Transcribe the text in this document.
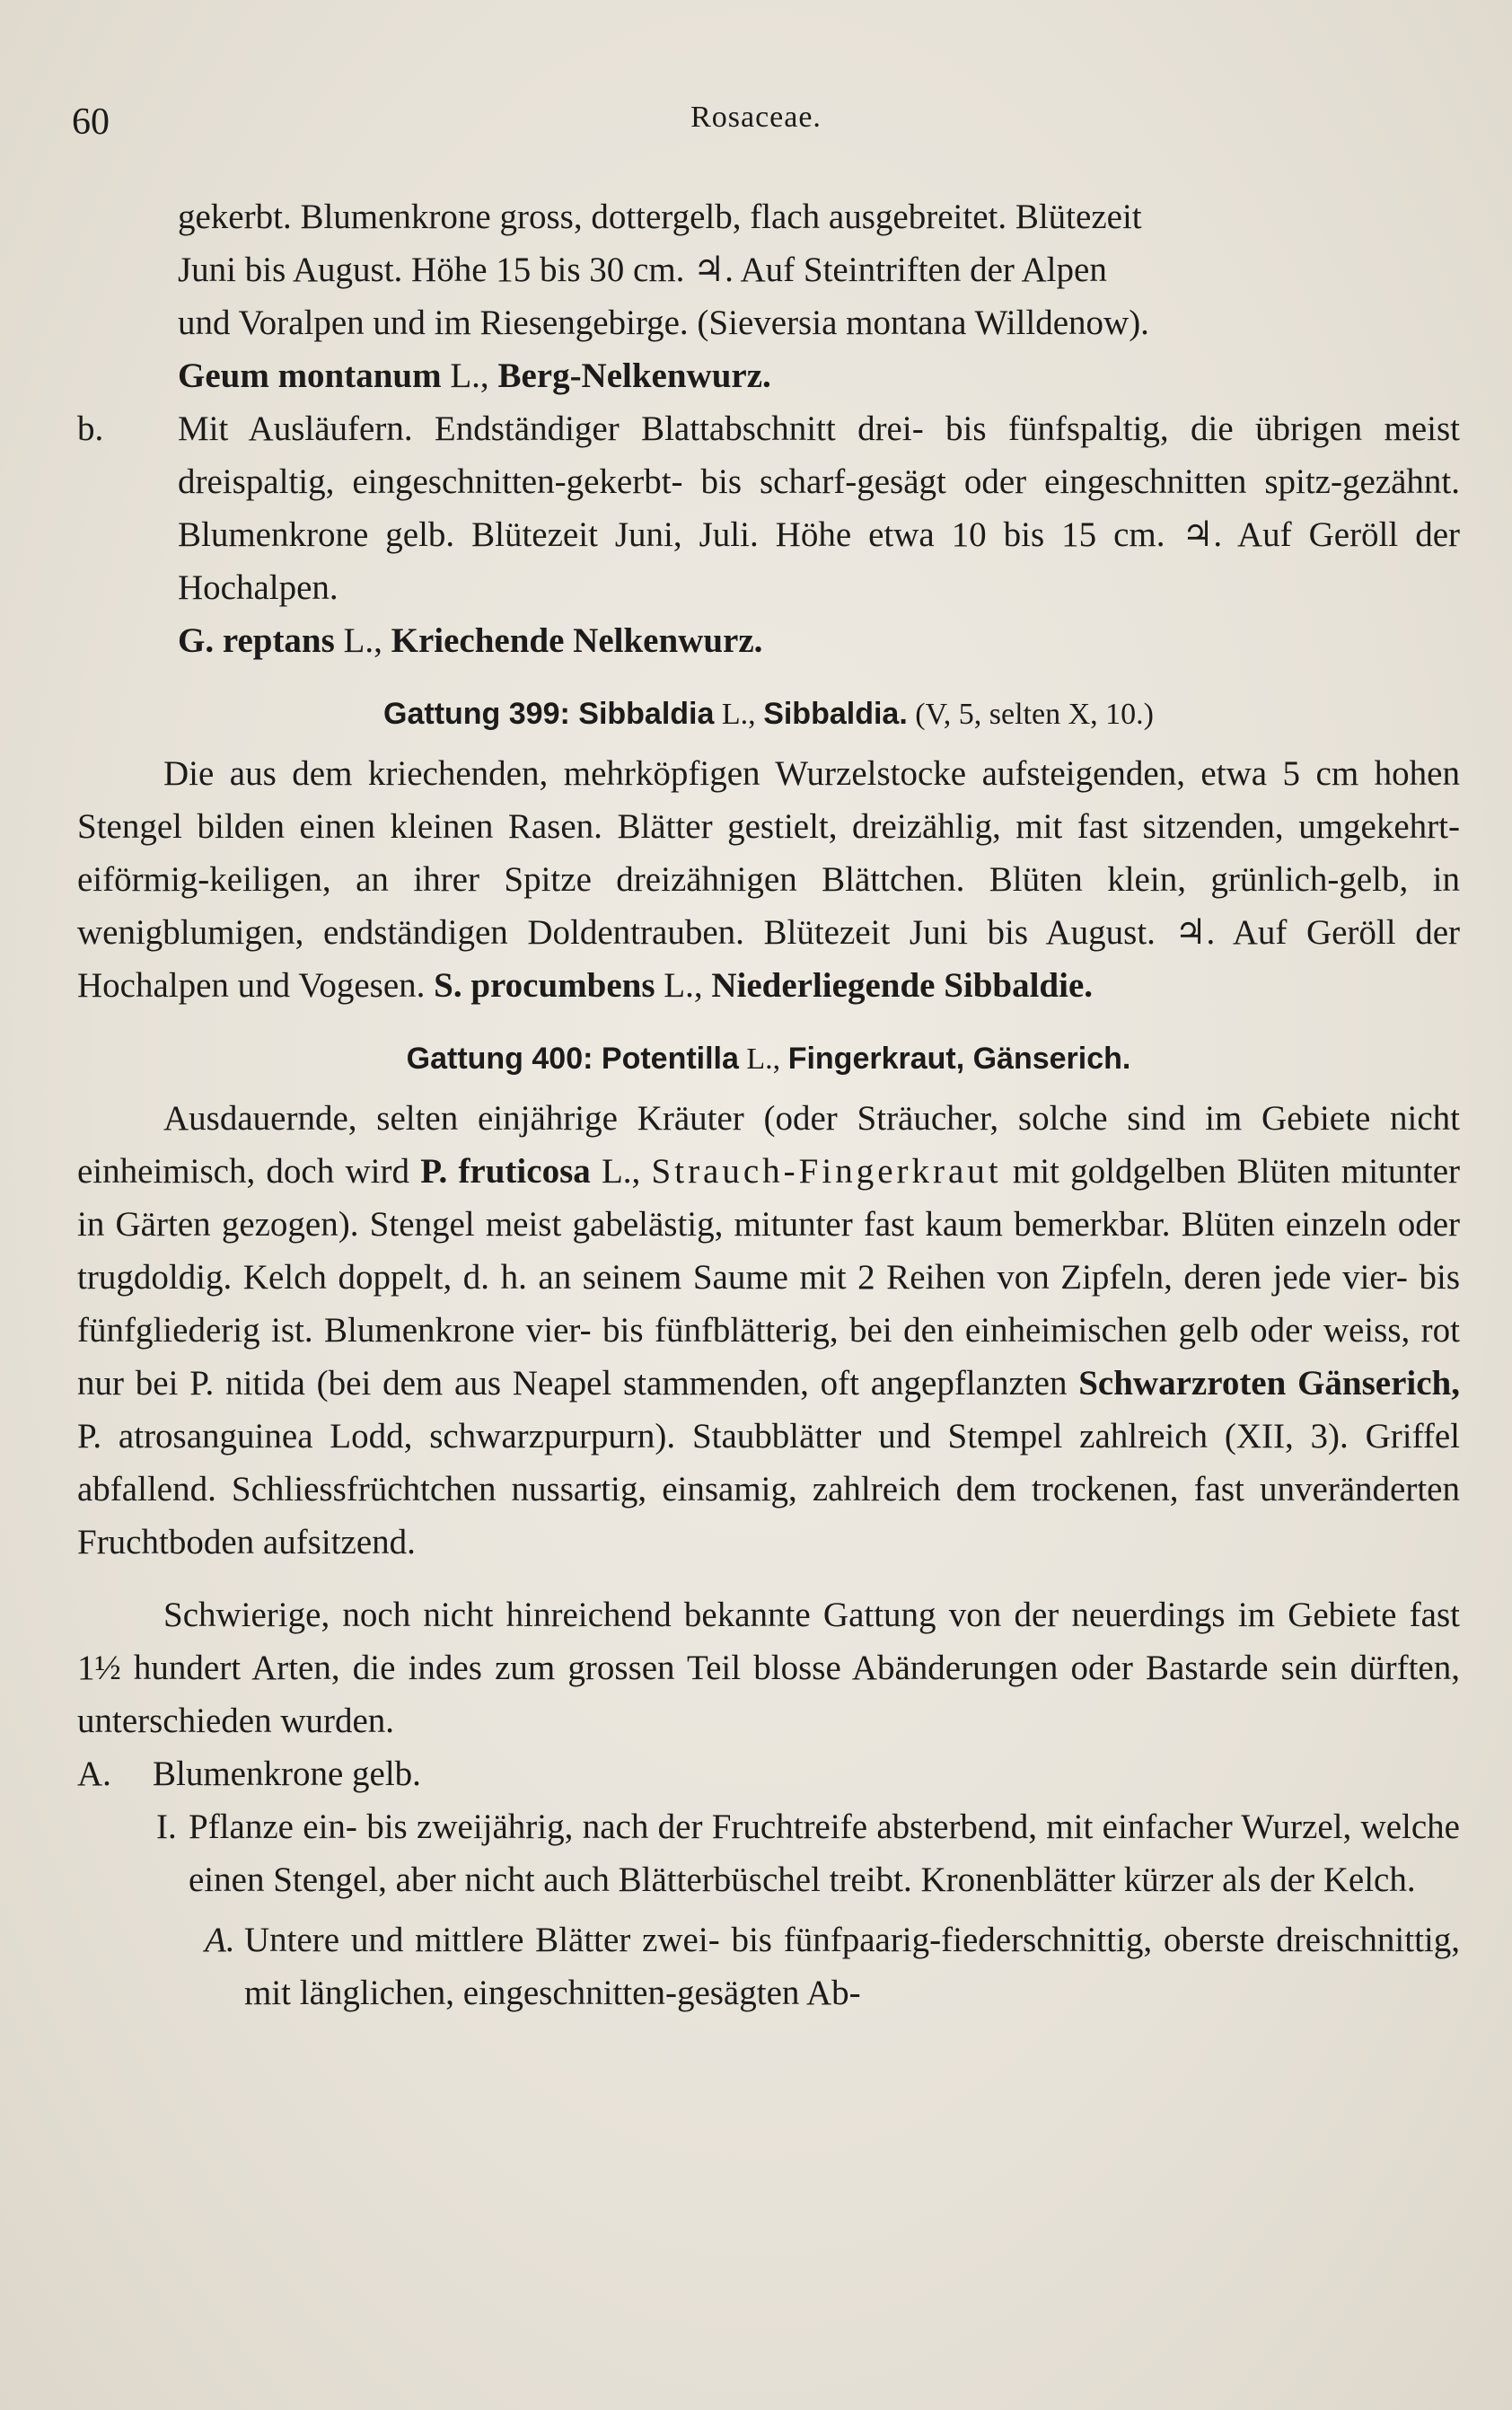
60	Rosaceae.

gekerbt. Blumenkrone gross, dottergelb, flach ausgebreitet. Blütezeit

Juni bis August. Höhe 15 bis 30 cm. ♃. Auf Steintriften der Alpen

und Voralpen und im Riesengebirge. (Sieversia montana Willdenow).

Geum montanum L., Berg-Nelkenwurz.

b. Mit Ausläufern. Endständiger Blattabschnitt drei- bis fünfspaltig, die übrigen meist dreispaltig, eingeschnitten-gekerbt- bis scharf-gesägt oder eingeschnitten spitz-gezähnt. Blumenkrone gelb. Blütezeit Juni, Juli. Höhe etwa 10 bis 15 cm. ♃. Auf Geröll der Hochalpen.

G. reptans L., Kriechende Nelkenwurz.

Gattung 399: Sibbaldia L., Sibbaldia. (V, 5, selten X, 10.)

Die aus dem kriechenden, mehrköpfigen Wurzelstocke aufsteigenden, etwa 5 cm hohen Stengel bilden einen kleinen Rasen. Blätter gestielt, dreizählig, mit fast sitzenden, umgekehrt-eiförmig-keiligen, an ihrer Spitze dreizähnigen Blättchen. Blüten klein, grünlich-gelb, in wenigblumigen, endständigen Doldentrauben. Blütezeit Juni bis August. ♃. Auf Geröll der Hochalpen und Vogesen. S. procumbens L., Niederliegende Sibbaldie.

Gattung 400: Potentilla L., Fingerkraut, Gänserich.

Ausdauernde, selten einjährige Kräuter (oder Sträucher, solche sind im Gebiete nicht einheimisch, doch wird P. fruticosa L., Strauch-Fingerkraut mit goldgelben Blüten mitunter in Gärten gezogen). Stengel meist gabelästig, mitunter fast kaum bemerkbar. Blüten einzeln oder trugdoldig. Kelch doppelt, d. h. an seinem Saume mit 2 Reihen von Zipfeln, deren jede vier- bis fünfgliederig ist. Blumenkrone vier- bis fünfblätterig, bei den einheimischen gelb oder weiss, rot nur bei P. nitida (bei dem aus Neapel stammenden, oft angepflanzten Schwarzroten Gänserich, P. atrosanguinea Lodd, schwarzpurpurn). Staubblätter und Stempel zahlreich (XII, 3). Griffel abfallend. Schliessfrüchtchen nussartig, einsamig, zahlreich dem trockenen, fast unveränderten Fruchtboden aufsitzend.

Schwierige, noch nicht hinreichend bekannte Gattung von der neuerdings im Gebiete fast 1½ hundert Arten, die indes zum grossen Teil blosse Abänderungen oder Bastarde sein dürften, unterschieden wurden.

A. Blumenkrone gelb.

I. Pflanze ein- bis zweijährig, nach der Fruchtreife absterbend, mit einfacher Wurzel, welche einen Stengel, aber nicht auch Blätterbüschel treibt. Kronenblätter kürzer als der Kelch.

A. Untere und mittlere Blätter zwei- bis fünfpaarig-fiederschnittig, oberste dreischnittig, mit länglichen, eingeschnitten-gesägten Ab-
